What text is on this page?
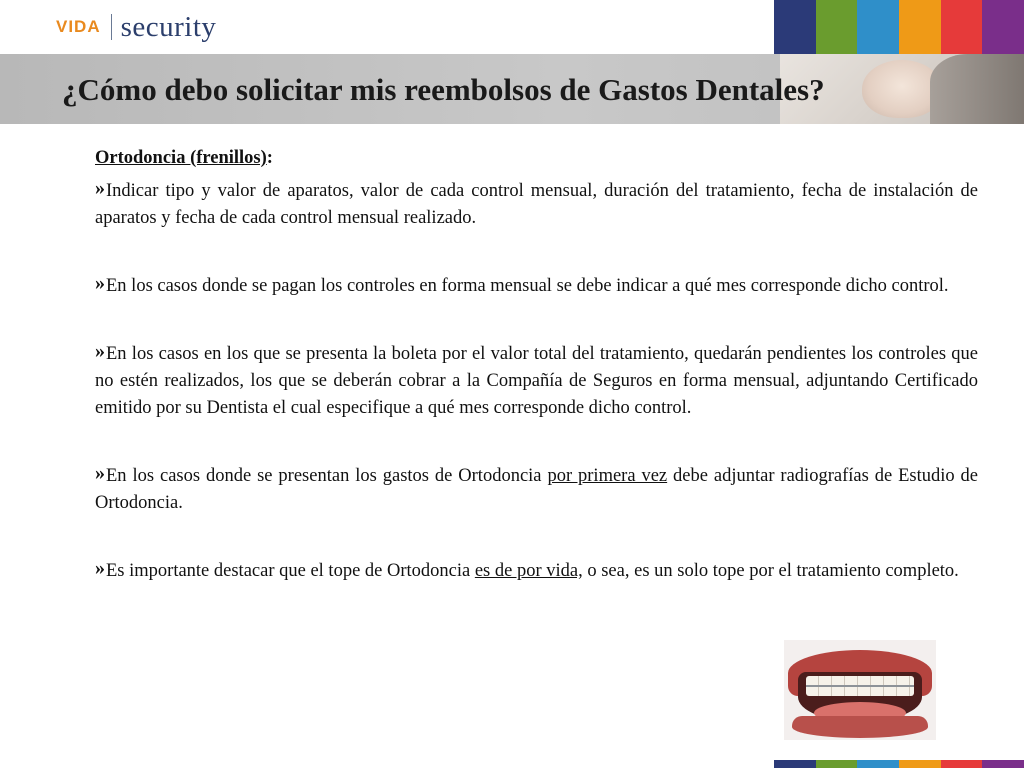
VIDA security
¿Cómo debo solicitar mis reembolsos de Gastos Dentales?

Ortodoncia (frenillos):

»Indicar tipo y valor de aparatos, valor de cada control mensual, duración del tratamiento, fecha de instalación de aparatos y fecha de cada control mensual realizado.

»En los casos donde se pagan los controles en forma mensual se debe indicar a qué mes corresponde dicho control.

»En los casos en los que se presenta la boleta por el valor total del tratamiento, quedarán pendientes los controles que no estén realizados, los que se deberán cobrar a la Compañía de Seguros en forma mensual, adjuntando Certificado emitido por su Dentista el cual especifique a qué mes corresponde dicho control.

»En los casos donde se presentan los gastos de Ortodoncia por primera vez debe adjuntar radiografías de Estudio de Ortodoncia.

»Es importante destacar que el tope de Ortodoncia es de por vida, o sea, es un solo tope por el tratamiento completo.
